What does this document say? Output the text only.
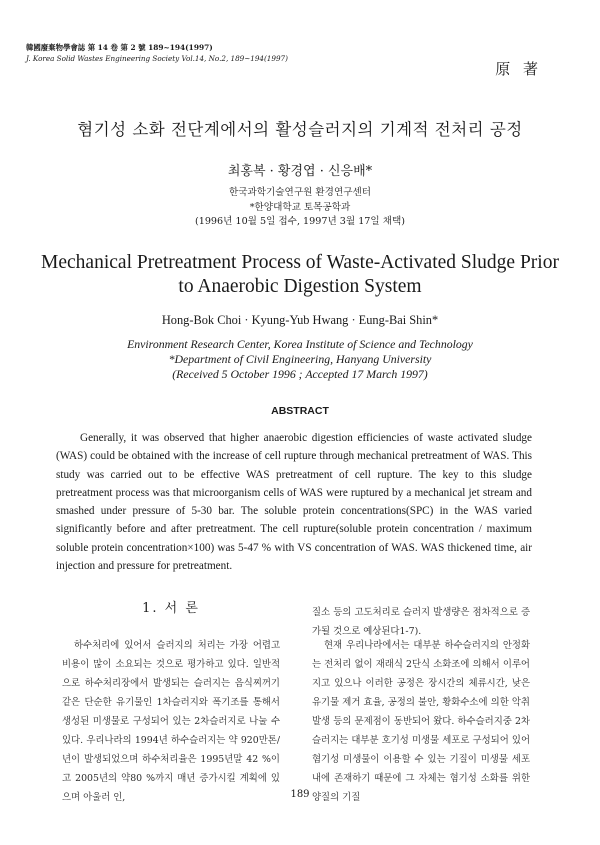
韓國廢棄物學會誌 第 14 卷 第 2 號 189~194(1997)
J. Korea Solid Wastes Engineering Society Vol.14, No.2, 189~194(1997)
原 著
혐기성 소화 전단계에서의 활성슬러지의 기계적 전처리 공정
최홍복 · 황경엽 · 신응배*
한국과학기술연구원 환경연구센터
*한양대학교 토목공학과
(1996년 10월 5일 접수, 1997년 3월 17일 채택)
Mechanical Pretreatment Process of Waste-Activated Sludge Prior
to Anaerobic Digestion System
Hong-Bok Choi · Kyung-Yub Hwang · Eung-Bai Shin*
Environment Research Center, Korea Institute of Science and Technology
*Department of Civil Engineering, Hanyang University
(Received 5 October 1996 ; Accepted 17 March 1997)
ABSTRACT
Generally, it was observed that higher anaerobic digestion efficiencies of waste activated sludge (WAS) could be obtained with the increase of cell rupture through mechanical pretreatment of WAS. This study was carried out to be effective WAS pretreatment of cell rupture. The key to this sludge pretreatment process was that microorganism cells of WAS were ruptured by a mechanical jet stream and smashed under pressure of 5-30 bar. The soluble protein concentrations(SPC) in the WAS varied significantly before and after pretreatment. The cell rupture(soluble protein concentration / maximum soluble protein concentration×100) was 5-47 % with VS concentration of WAS. WAS thickened time, air injection and pressure for pretreatment.
1. 서 론
하수처리에 있어서 슬러지의 처리는 가장 어렵고 비용이 많이 소요되는 것으로 평가하고 있다. 일반적으로 하수처리장에서 발생되는 슬러지는 음식찌꺼기 같은 단순한 유기물인 1차슬러지와 폭기조를 통해서 생성된 미생물로 구성되어 있는 2차슬러지로 나눌 수 있다. 우리나라의 1994년 하수슬러지는 약 920만톤/년이 발생되었으며 하수처리율은 1995년말 42 %이고 2005년의 약80 %까지 매년 증가시킬 계획에 있으며 아울러 인,
질소 등의 고도처리로 슬러지 발생량은 점차적으로 증가될 것으로 예상된다1-7).
현재 우리나라에서는 대부분 하수슬러지의 안정화는 전처리 없이 재래식 2단식 소화조에 의해서 이루어지고 있으나 이러한 공정은 장시간의 체류시간, 낮은 유기물 제거 효율, 공정의 불안, 황화수소에 의한 악취발생 등의 문제점이 동반되어 왔다. 하수슬러지중 2차슬러지는 대부분 호기성 미생물 세포로 구성되어 있어 혐기성 미생물이 이용할 수 있는 기질이 미생물 세포내에 존재하기 때문에 그 자체는 혐기성 소화를 위한 양질의 기질
189
